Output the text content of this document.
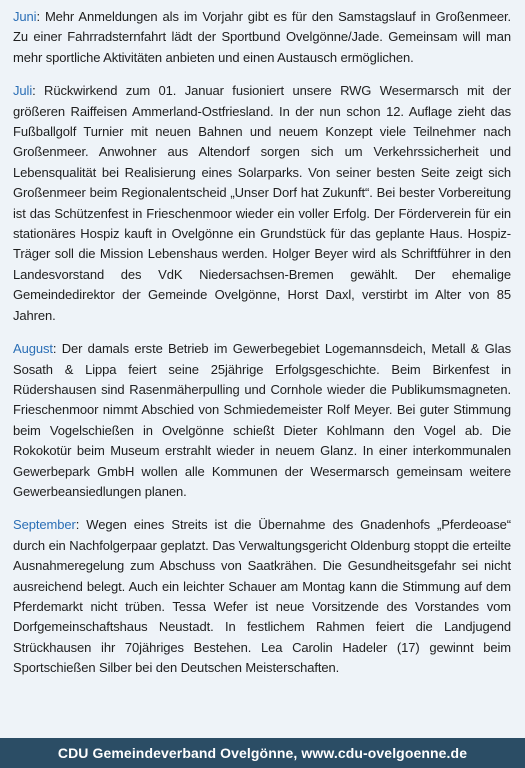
Juni: Mehr Anmeldungen als im Vorjahr gibt es für den Samstagslauf in Großenmeer. Zu einer Fahrradsternfahrt lädt der Sportbund Ovelgönne/Jade. Gemeinsam will man mehr sportliche Aktivitäten anbieten und einen Austausch ermöglichen.

Juli: Rückwirkend zum 01. Januar fusioniert unsere RWG Wesermarsch mit der größeren Raiffeisen Ammerland-Ostfriesland. In der nun schon 12. Auflage zieht das Fußballgolf Turnier mit neuen Bahnen und neuem Konzept viele Teilnehmer nach Großenmeer. Anwohner aus Altendorf sorgen sich um Verkehrssicherheit und Lebensqualität bei Realisierung eines Solarparks. Von seiner besten Seite zeigt sich Großenmeer beim Regionalentscheid „Unser Dorf hat Zukunft“. Bei bester Vorbereitung ist das Schützenfest in Frieschenmoor wieder ein voller Erfolg. Der Förderverein für ein stationäres Hospiz kauft in Ovelgönne ein Grundstück für das geplante Haus. Hospiz-Träger soll die Mission Lebenshaus werden. Holger Beyer wird als Schriftführer in den Landesvorstand des VdK Niedersachsen-Bremen gewählt. Der ehemalige Gemeindedirektor der Gemeinde Ovelgönne, Horst Daxl, verstirbt im Alter von 85 Jahren.

August: Der damals erste Betrieb im Gewerbegebiet Logemannsdeich, Metall & Glas Sosath & Lippa feiert seine 25jährige Erfolgsgeschichte. Beim Birkenfest in Rüdershausen sind Rasenmäherpulling und Cornhole wieder die Publikumsmagneten. Frieschenmoor nimmt Abschied von Schmiedemeister Rolf Meyer. Bei guter Stimmung beim Vogelschießen in Ovelgönne schießt Dieter Kohlmann den Vogel ab. Die Rokokotür beim Museum erstrahlt wieder in neuem Glanz. In einer interkommunalen Gewerbepark GmbH wollen alle Kommunen der Wesermarsch gemeinsam weitere Gewerbeansiedlungen planen.

September: Wegen eines Streits ist die Übernahme des Gnadenhofs „Pferdeoase“ durch ein Nachfolgerpaar geplatzt. Das Verwaltungsgericht Oldenburg stoppt die erteilte Ausnahmeregelung zum Abschuss von Saatkrähen. Die Gesundheitsgefahr sei nicht ausreichend belegt. Auch ein leichter Schauer am Montag kann die Stimmung auf dem Pferdemarkt nicht trüben. Tessa Wefer ist neue Vorsitzende des Vorstandes vom Dorfgemeinschaftshaus Neustadt. In festlichem Rahmen feiert die Landjugend Strückhausen ihr 70jähriges Bestehen. Lea Carolin Hadeler (17) gewinnt beim Sportschießen Silber bei den Deutschen Meisterschaften.

CDU Gemeindeverband Ovelgönne, www.cdu-ovelgoenne.de
